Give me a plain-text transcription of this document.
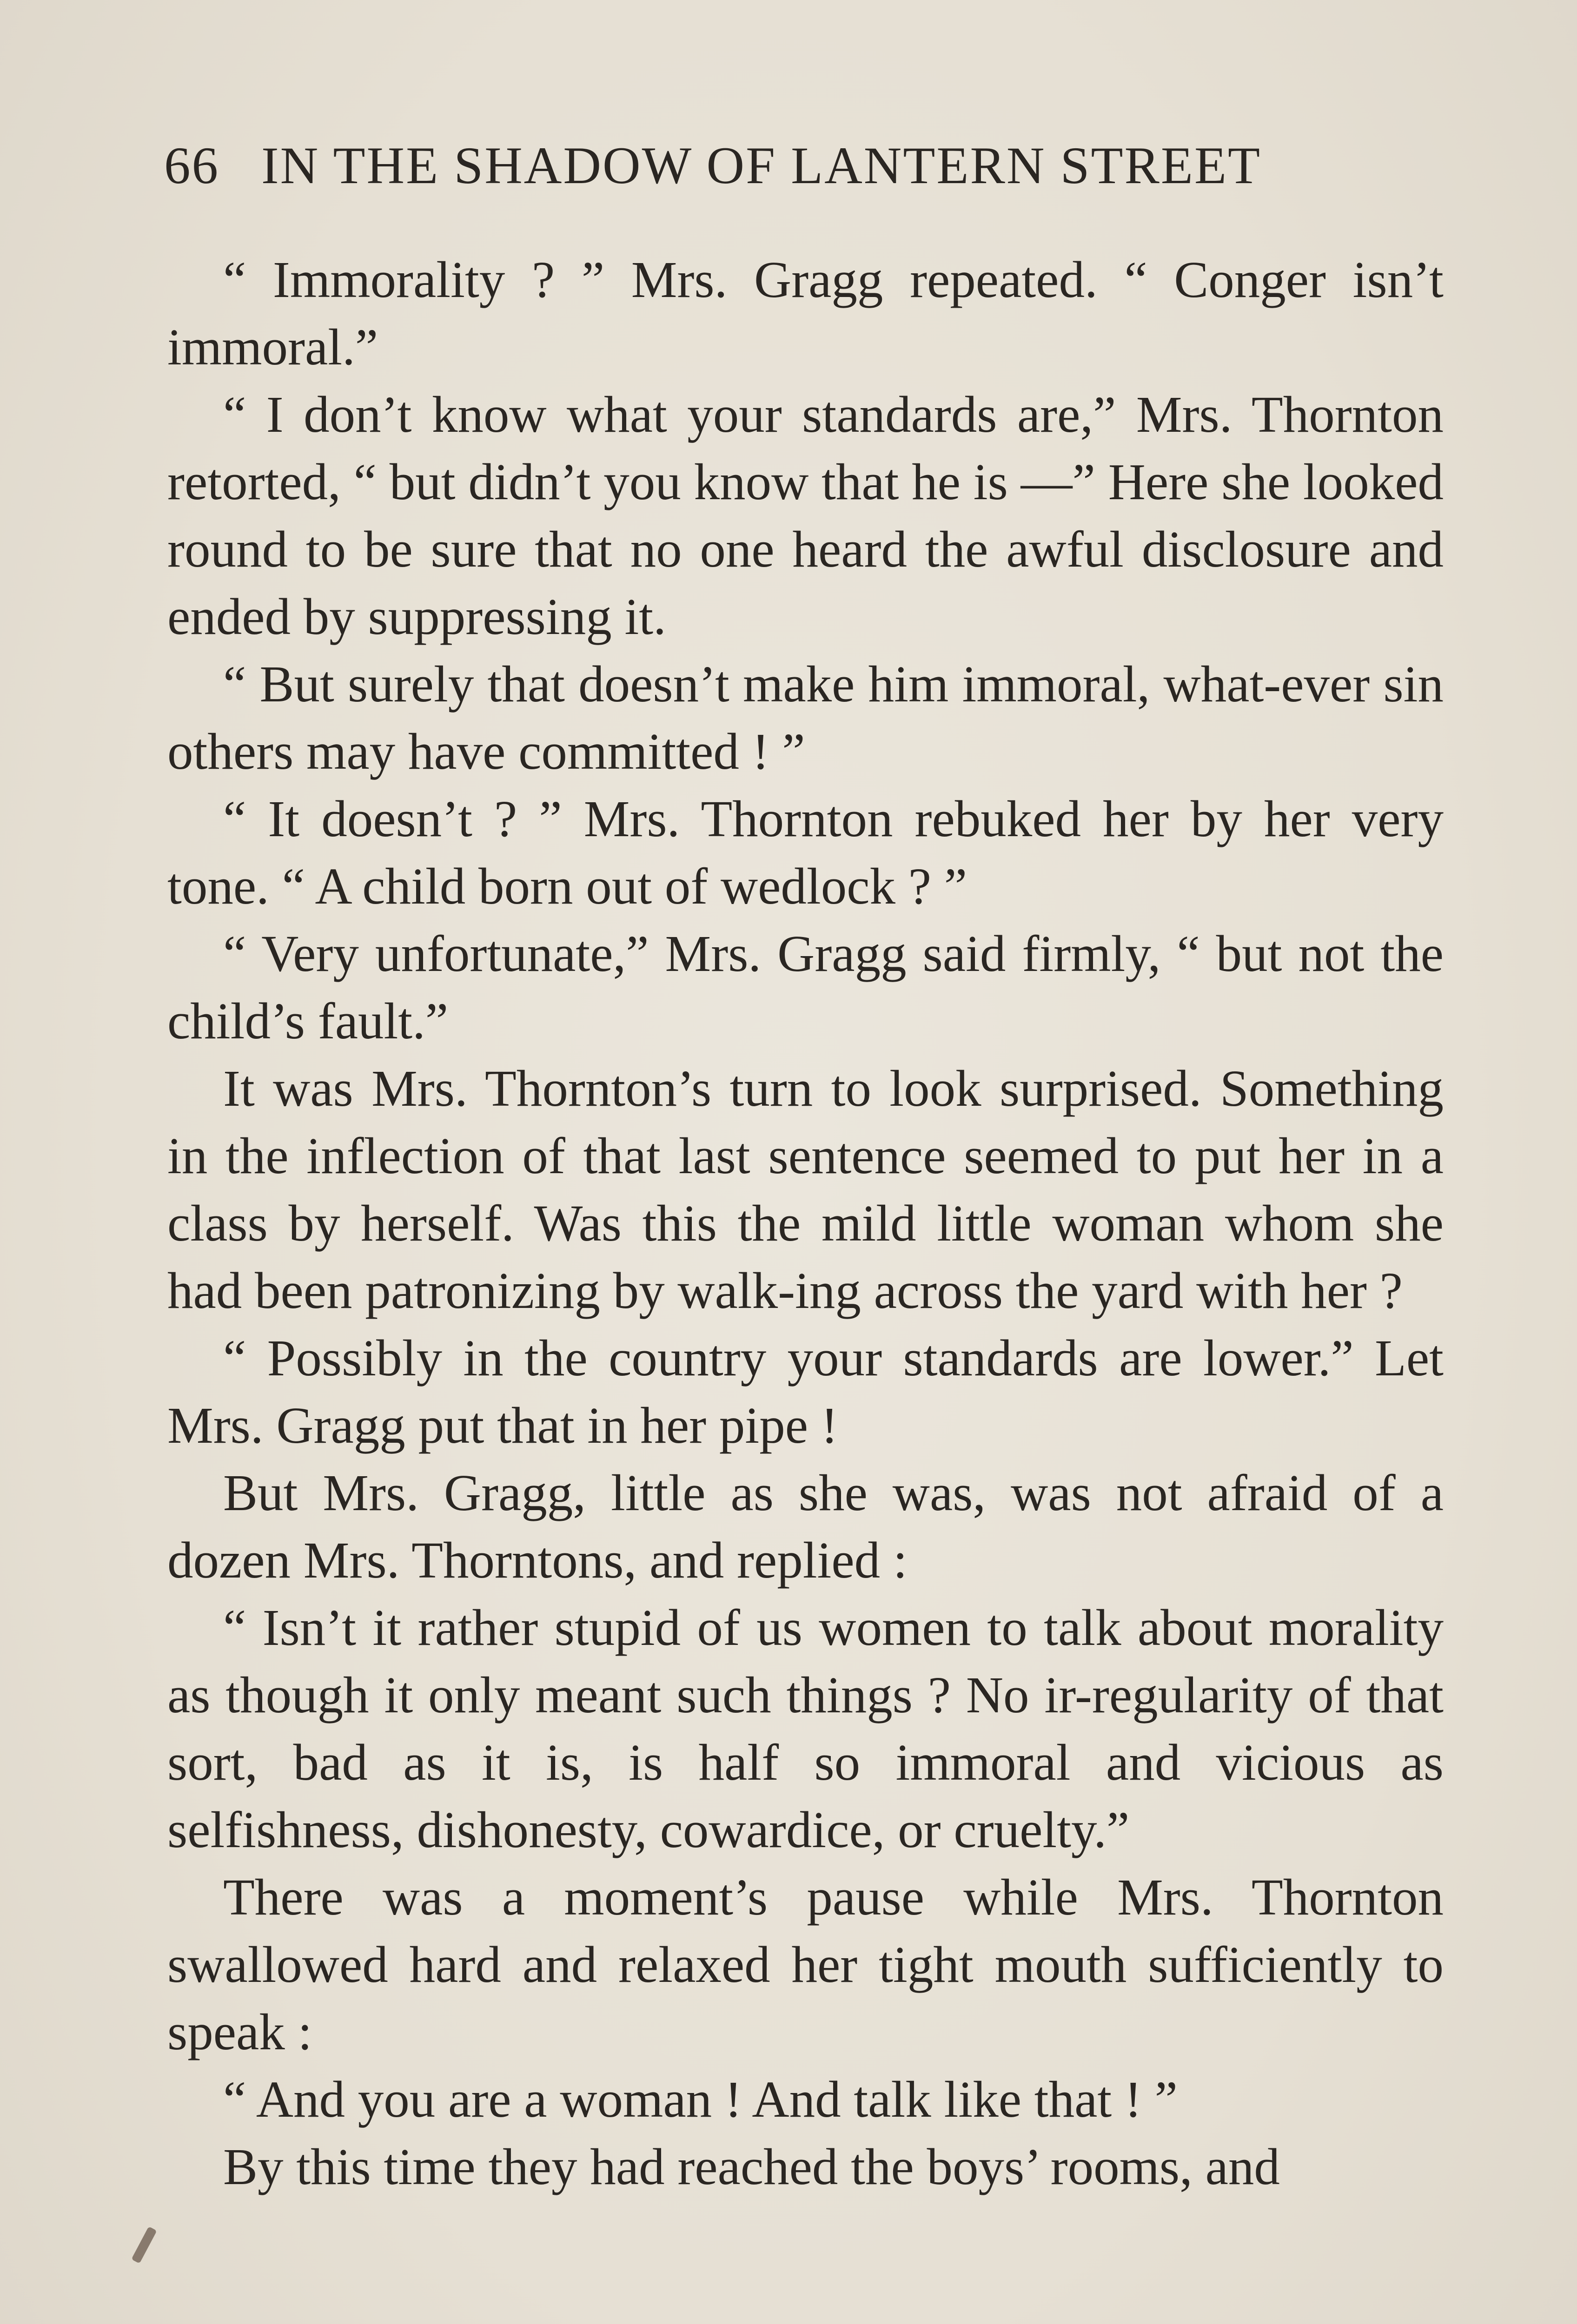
66 IN THE SHADOW OF LANTERN STREET

“ Immorality ? ” Mrs. Gragg repeated. “ Conger isn’t immoral.”

“ I don’t know what your standards are,” Mrs. Thornton retorted, “ but didn’t you know that he is —” Here she looked round to be sure that no one heard the awful disclosure and ended by suppressing it.

“ But surely that doesn’t make him immoral, what-ever sin others may have committed ! ”

“ It doesn’t ? ” Mrs. Thornton rebuked her by her very tone. “ A child born out of wedlock ? ”

“ Very unfortunate,” Mrs. Gragg said firmly, “ but not the child’s fault.”

It was Mrs. Thornton’s turn to look surprised. Something in the inflection of that last sentence seemed to put her in a class by herself. Was this the mild little woman whom she had been patronizing by walk-ing across the yard with her ?

“ Possibly in the country your standards are lower.” Let Mrs. Gragg put that in her pipe !

But Mrs. Gragg, little as she was, was not afraid of a dozen Mrs. Thorntons, and replied :

“ Isn’t it rather stupid of us women to talk about morality as though it only meant such things ? No ir-regularity of that sort, bad as it is, is half so immoral and vicious as selfishness, dishonesty, cowardice, or cruelty.”

There was a moment’s pause while Mrs. Thornton swallowed hard and relaxed her tight mouth sufficiently to speak :

“ And you are a woman ! And talk like that ! ”

By this time they had reached the boys’ rooms, and
